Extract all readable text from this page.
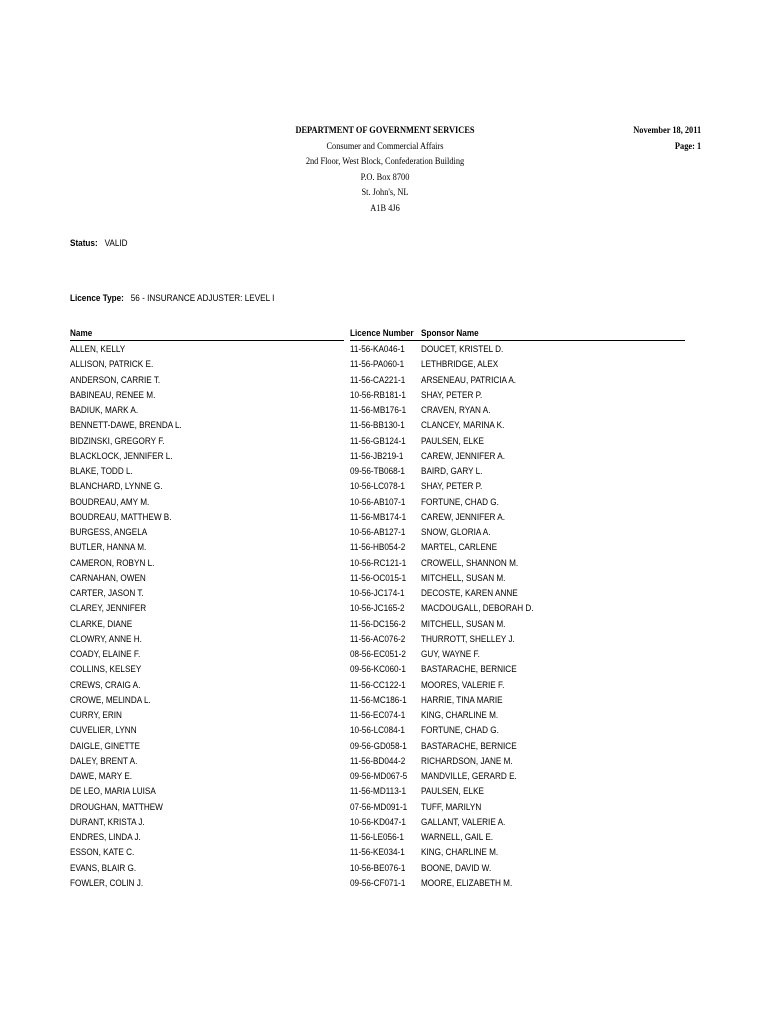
DEPARTMENT OF GOVERNMENT SERVICES
Consumer and Commercial Affairs
2nd Floor, West Block, Confederation Building
P.O. Box 8700
St. John's, NL
A1B 4J6
November 18, 2011
Page: 1
Status: VALID
Licence Type: 56 - INSURANCE ADJUSTER: LEVEL I
Name	Licence Number Sponsor Name
ALLEN, KELLY	11-56-KA046-1 DOUCET, KRISTEL D.
ALLISON, PATRICK E.	11-56-PA060-1 LETHBRIDGE, ALEX
ANDERSON, CARRIE T.	11-56-CA221-1 ARSENEAU, PATRICIA A.
BABINEAU, RENEE M.	10-56-RB181-1 SHAY, PETER P.
BADIUK, MARK A.	11-56-MB176-1 CRAVEN, RYAN A.
BENNETT-DAWE, BRENDA L.	11-56-BB130-1 CLANCEY, MARINA K.
BIDZINSKI, GREGORY F.	11-56-GB124-1 PAULSEN, ELKE
BLACKLOCK, JENNIFER L.	11-56-JB219-1 CAREW, JENNIFER A.
BLAKE, TODD L.	09-56-TB068-1 BAIRD, GARY L.
BLANCHARD, LYNNE G.	10-56-LC078-1 SHAY, PETER P.
BOUDREAU, AMY M.	10-56-AB107-1 FORTUNE, CHAD G.
BOUDREAU, MATTHEW B.	11-56-MB174-1 CAREW, JENNIFER A.
BURGESS, ANGELA	10-56-AB127-1 SNOW, GLORIA A.
BUTLER, HANNA M.	11-56-HB054-2 MARTEL, CARLENE
CAMERON, ROBYN L.	10-56-RC121-1 CROWELL, SHANNON M.
CARNAHAN, OWEN	11-56-OC015-1 MITCHELL, SUSAN M.
CARTER, JASON T.	10-56-JC174-1 DECOSTE, KAREN ANNE
CLAREY, JENNIFER	10-56-JC165-2 MACDOUGALL, DEBORAH D.
CLARKE, DIANE	11-56-DC156-2 MITCHELL, SUSAN M.
CLOWRY, ANNE H.	11-56-AC076-2 THURROTT, SHELLEY J.
COADY, ELAINE F.	08-56-EC051-2 GUY, WAYNE F.
COLLINS, KELSEY	09-56-KC060-1 BASTARACHE, BERNICE
CREWS, CRAIG A.	11-56-CC122-1 MOORES, VALERIE F.
CROWE, MELINDA L.	11-56-MC186-1 HARRIE, TINA MARIE
CURRY, ERIN	11-56-EC074-1 KING, CHARLINE M.
CUVELIER, LYNN	10-56-LC084-1 FORTUNE, CHAD G.
DAIGLE, GINETTE	09-56-GD058-1 BASTARACHE, BERNICE
DALEY, BRENT A.	11-56-BD044-2 RICHARDSON, JANE M.
DAWE, MARY E.	09-56-MD067-5 MANDVILLE, GERARD E.
DE LEO, MARIA LUISA	11-56-MD113-1 PAULSEN, ELKE
DROUGHAN, MATTHEW	07-56-MD091-1 TUFF, MARILYN
DURANT, KRISTA J.	10-56-KD047-1 GALLANT, VALERIE A.
ENDRES, LINDA J.	11-56-LE056-1 WARNELL, GAIL E.
ESSON, KATE C.	11-56-KE034-1 KING, CHARLINE M.
EVANS, BLAIR G.	10-56-BE076-1 BOONE, DAVID W.
FOWLER, COLIN J.	09-56-CF071-1 MOORE, ELIZABETH M.
